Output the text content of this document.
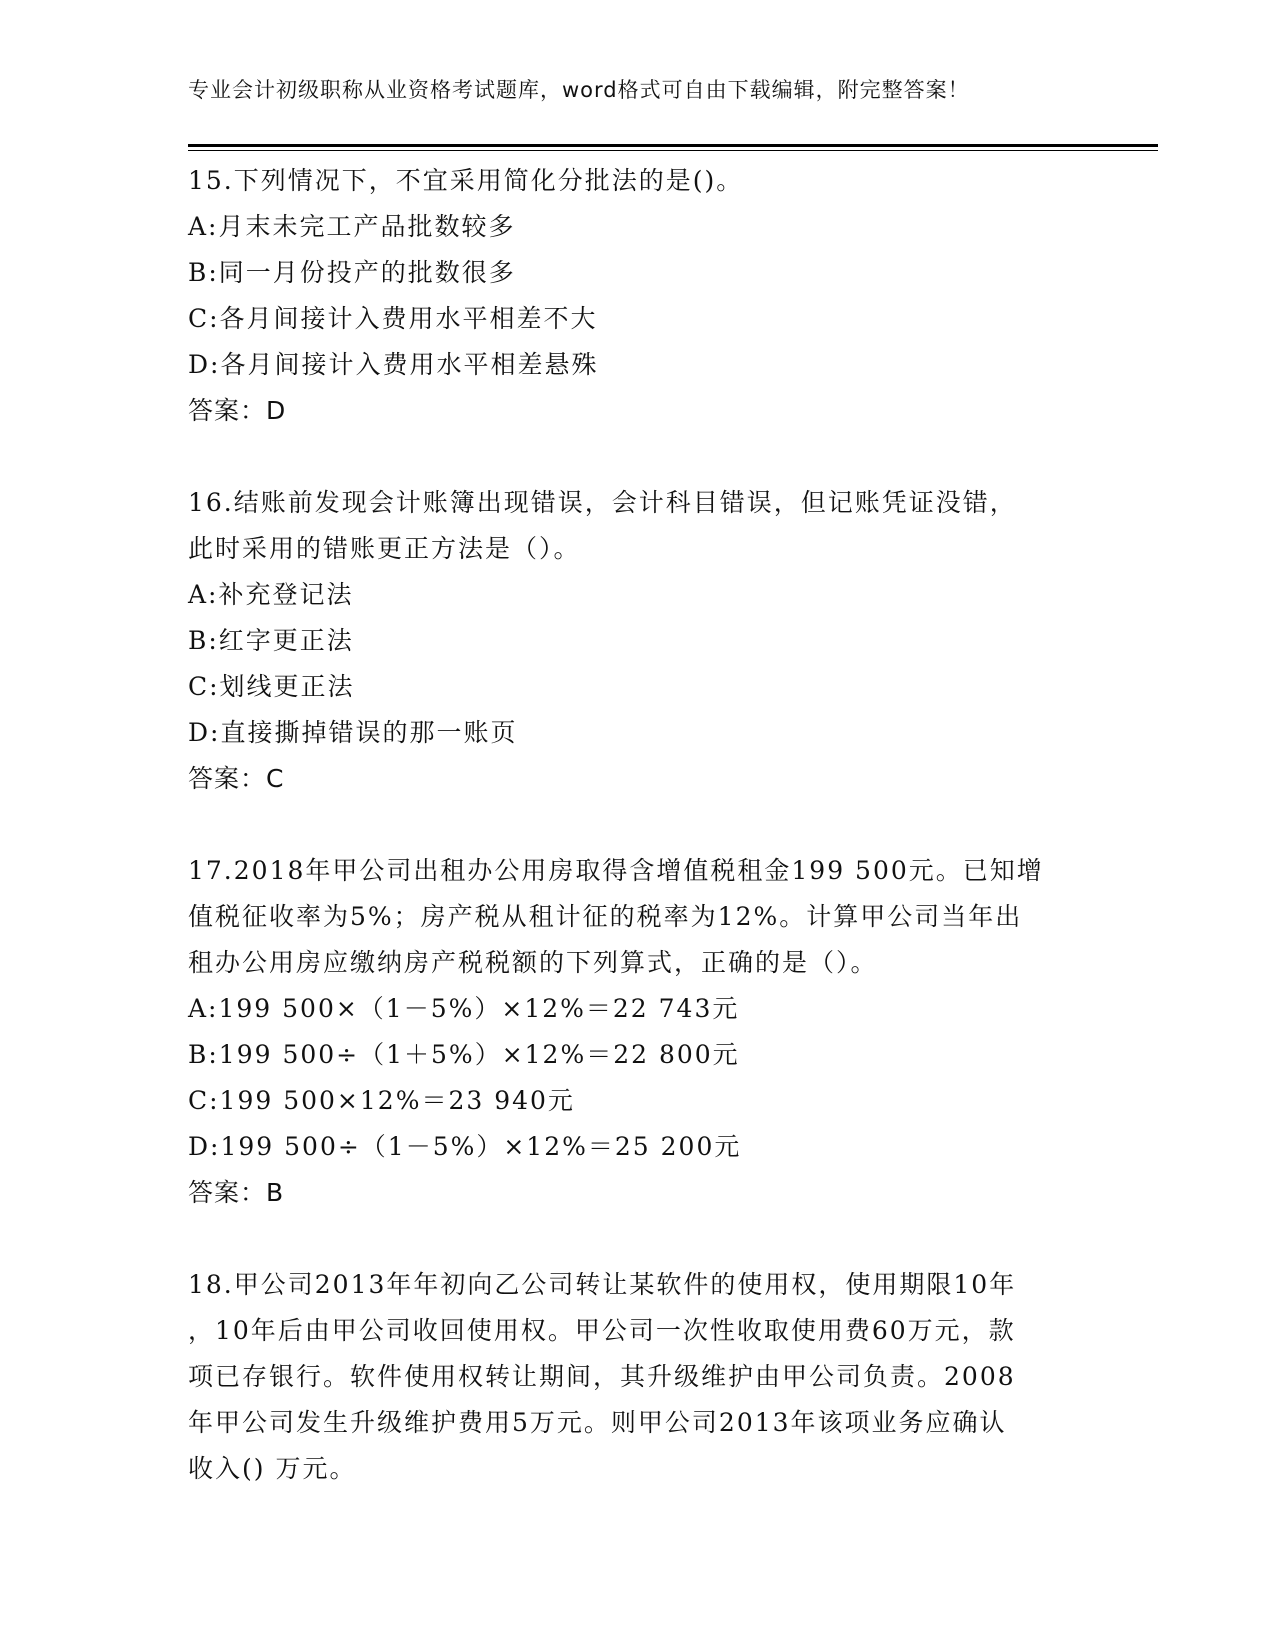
专业会计初级职称从业资格考试题库，word格式可自由下载编辑，附完整答案！
15.下列情况下，不宜采用简化分批法的是()。
A:月末未完工产品批数较多
B:同一月份投产的批数很多
C:各月间接计入费用水平相差不大
D:各月间接计入费用水平相差悬殊
答案：D
16.结账前发现会计账簿出现错误，会计科目错误，但记账凭证没错，
此时采用的错账更正方法是（）。
A:补充登记法
B:红字更正法
C:划线更正法
D:直接撕掉错误的那一账页
答案：C
17.2018年甲公司出租办公用房取得含增值税租金199 500元。已知增
值税征收率为5%；房产税从租计征的税率为12%。计算甲公司当年出
租办公用房应缴纳房产税税额的下列算式，正确的是（）。
A:199 500×（1－5%）×12%＝22 743元
B:199 500÷（1＋5%）×12%＝22 800元
C:199 500×12%＝23 940元
D:199 500÷（1－5%）×12%＝25 200元
答案：B
18.甲公司2013年年初向乙公司转让某软件的使用权，使用期限10年
，10年后由甲公司收回使用权。甲公司一次性收取使用费60万元，款
项已存银行。软件使用权转让期间，其升级维护由甲公司负责。2008
年甲公司发生升级维护费用5万元。则甲公司2013年该项业务应确认
收入() 万元。
